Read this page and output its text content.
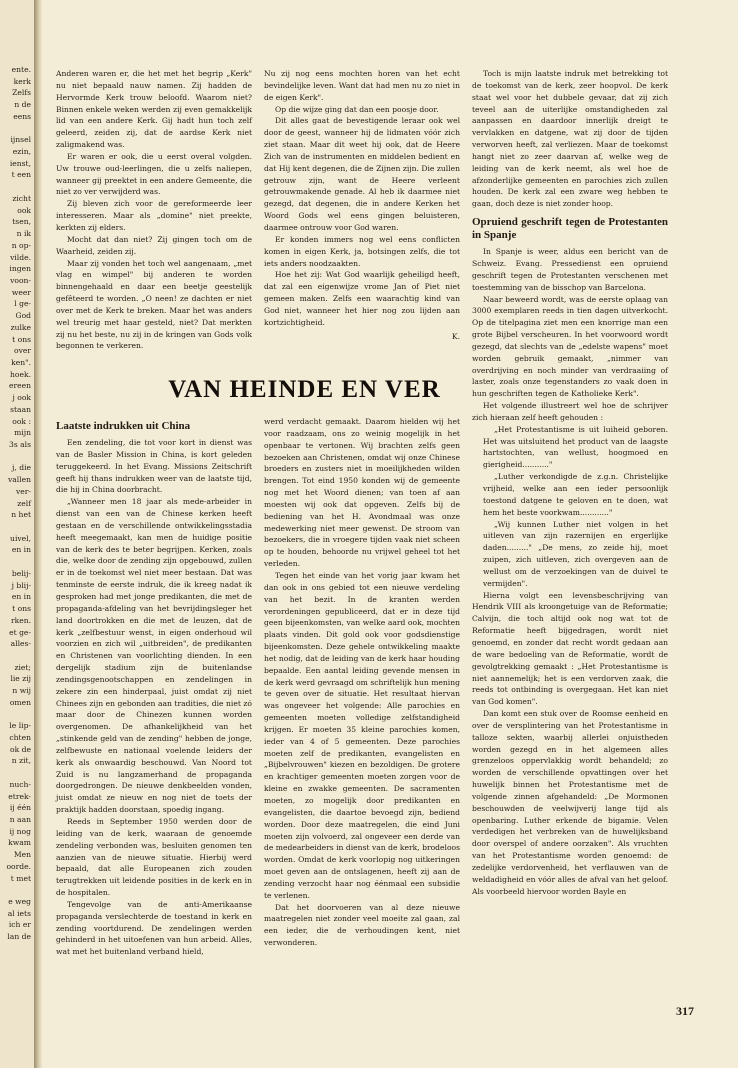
ente.
kerk
Zelfs
n de
eens

ijnsel
ezin,
ienst,
t een

zicht
ook
tsen,
n ik
n op-
vilde.
ingen
voon-
weer
l ge-
God
zulke
t ons
over
ken".
hoek.
ereen
j ook
staan
ook :
mijn
3s als

j, die
vallen
ver-
zelf
n het

uivel,
en in

belij-
j blij-
en in
t ons
rken.
et ge-
alles-

ziet;
lie zij
n wij
omen

le lip-
chten
ok de
n zit,

nuch-
etrek-
ij één
n aan
ij nog
kwam
Men
oorde.
t met

e weg
al iets
ich er
lan de

Anderen waren er, die het met het begrip „Kerk" nu niet bepaald nauw namen. Zij hadden de Hervormde Kerk trouw beloofd. Waarom niet? Binnen enkele weken werden zij even gemakkelijk lid van een andere Kerk. Gij hadt hun toch zelf geleerd, zeiden zij, dat de aardse Kerk niet zaligmakend was.

Er waren er ook, die u eerst overal volgden. Uw trouwe oud-leerlingen, die u zelfs naliepen, wanneer gij preektet in een andere Gemeente, die niet zo ver verwijderd was.

Zij bleven zich voor de gereformeerde leer interesseren. Maar als „domine" niet preekte, kerkten zij elders.

Mocht dat dan niet? Zij gingen toch om de Waarheid, zeiden zij.

Maar zij vonden het toch wel aangenaam, „met vlag en wimpel" bij anderen te worden binnengehaald en daar een beetje geestelijk gefêteerd te worden. „O neen! ze dachten er niet over met de Kerk te breken. Maar het was anders wel treurig met haar gesteld, niet? Dat merkten zij nu het beste, nu zij in de kringen van Gods volk begonnen te verkeren.

Nu zij nog eens mochten horen van het echt bevindelijke leven. Want dat had men nu zo niet in de eigen Kerk".

Op die wijze ging dat dan een poosje door.

Dit alles gaat de bevestigende leraar ook wel door de geest, wanneer hij de lidmaten vóór zich ziet staan. Maar dit weet hij ook, dat de Heere Zich van de instrumenten en middelen bedient en dat Hij kent degenen, die de Zijnen zijn. Die zullen getrouw zijn, want de Heere verleent getrouwmakende genade. Al heb ik daarmee niet gezegd, dat degenen, die in andere Kerken het Woord Gods wel eens gingen beluisteren, daarmee ontrouw voor God waren.

Er konden immers nog wel eens conflicten komen in eigen Kerk, ja, botsingen zelfs, die tot iets anders noodzaakten.

Hoe het zij: Wat God waarlijk geheiligd heeft, dat zal een eigenwijze vrome Jan of Piet niet gemeen maken. Zelfs een waarachtig kind van God niet, wanneer het hier nog zou lijden aan kortzichtigheid.

K.

Toch is mijn laatste indruk met betrekking tot de toekomst van de kerk, zeer hoopvol. De kerk staat wel voor het dubbele gevaar, dat zij zich teveel aan de uiterlijke omstandigheden zal aanpassen en daardoor innerlijk dreigt te vervlakken en datgene, wat zij door de tijden verworven heeft, zal verliezen. Maar de toekomst hangt niet zo zeer daarvan af, welke weg de leiding van de kerk neemt, als wel hoe de afzonderlijke gemeenten en parochies zich zullen houden. De kerk zal een zware weg hebben te gaan, doch deze is niet zonder hoop.

Opruiend geschrift tegen de Protestanten in Spanje

In Spanje is weer, aldus een bericht van de Schweiz. Evang. Pressedienst een opruiend geschrift tegen de Protestanten verschenen met toestemming van de bisschop van Barcelona.

Naar beweerd wordt, was de eerste oplaag van 3000 exemplaren reeds in tien dagen uitverkocht. Op de titelpagina ziet men een knorrige man een grote Bijbel verscheuren. In het voorwoord wordt gezegd, dat slechts van de „edelste wapens" moet worden gebruik gemaakt, „nimmer van overdrijving en noch minder van verdraaiing of laster, zoals onze tegenstanders zo vaak doen in hun geschriften tegen de Katholieke Kerk".

Het volgende illustreert wel hoe de schrijver zich hieraan zelf heeft gehouden :

„Het Protestantisme is uit luiheid geboren. Het was uitsluitend het product van de laagste hartstochten, van wellust, hoogmoed en gierigheid..........."

„Luther verkondigde de z.g.n. Christelijke vrijheid, welke aan een ieder persoonlijk toestond datgene te geloven en te doen, wat hem het beste voorkwam............"

„Wij kunnen Luther niet volgen in het uitleven van zijn razernijen en ergerlijke daden........." „De mens, zo zeide hij, moet zuipen, zich uitleven, zich overgeven aan de wellust om de verzoekingen van de duivel te vermijden".

Hierna volgt een levensbeschrijving van Hendrik VIII als kroongetuige van de Reformatie; Calvijn, die toch altijd ook nog wat tot de Reformatie heeft bijgedragen, wordt niet genoemd, en zonder dat recht wordt gedaan aan de ware bedoeling van de Reformatie, wordt de gevolgtrekking gemaakt : „Het Protestantisme is niet aannemelijk; het is een verdorven zaak, die reeds tot ontbinding is overgegaan. Het kan niet van God komen".

Dan komt een stuk over de Roomse eenheid en over de versplintering van het Protestantisme in talloze sekten, waarbij allerlei onjuistheden worden gezegd en in het algemeen alles grenzeloos oppervlakkig wordt behandeld; zo worden de verschillende opvattingen over het huwelijk binnen het Protestantisme met de volgende zinnen afgehandeld: „De Mormonen beschouwden de veelwijverij lange tijd als openbaring. Luther erkende de bigamie. Velen verdedigen het verbreken van de huwelijksband door overspel of andere oorzaken". Als vruchten van het Protestantisme worden genoemd: de zedelijke verdorvenheid, het verflauwen van de weldadigheid en vóór alles de afval van het geloof. Als voorbeeld hiervoor worden Bayle en

Laatste indrukken uit China

Een zendeling, die tot voor kort in dienst was van de Basler Mission in China, is kort geleden teruggekeerd. In het Evang. Missions Zeitschrift geeft hij thans indrukken weer van de laatste tijd, die hij in China doorbracht.

„Wanneer men 18 jaar als mede-arbeider in dienst van een van de Chinese kerken heeft gestaan en de verschillende ontwikkelingsstadia heeft meegemaakt, kan men de huidige positie van de kerk des te beter begrijpen. Kerken, zoals die, welke door de zending zijn opgebouwd, zullen er in de toekomst wel niet meer bestaan. Dat was tenminste de eerste indruk, die ik kreeg nadat ik gesproken had met jonge predikanten, die met de propaganda-afdeling van het bevrijdingsleger het land doortrokken en die met de leuzen, dat de kerk „zelfbestuur wenst, in eigen onderhoud wil voorzien en zich wil „uitbreiden", de predikanten en Christenen van voorlichting dienden. In een dergelijk stadium zijn de buitenlandse zendingsgenootschappen en zendelingen in zekere zin een hinderpaal, juist omdat zij niet Chinees zijn en gebonden aan tradities, die niet zó maar door de Chinezen kunnen worden overgenomen. De afhankelijkheid van het „stinkende geld van de zending" hebben de jonge, zelfbewuste en nationaal voelende leiders der kerk als onwaardig beschouwd. Van Noord tot Zuid is nu langzamerhand de propaganda doorgedrongen. De nieuwe denkbeelden vonden, juist omdat ze nieuw en nog niet de toets der praktijk hadden doorstaan, spoedig ingang.

Reeds in September 1950 werden door de leiding van de kerk, waaraan de genoemde zendeling verbonden was, besluiten genomen ten aanzien van de nieuwe situatie. Hierbij werd bepaald, dat alle Europeanen zich zouden terugtrekken uit leidende posities in de kerk en in de hospitalen.

Tengevolge van de anti-Amerikaanse propaganda verslechterde de toestand in kerk en zending voortdurend. De zendelingen werden gehinderd in het uitoefenen van hun arbeid. Alles, wat met het buitenland verband hield,

werd verdacht gemaakt. Daarom hielden wij het voor raadzaam, ons zo weinig mogelijk in het openbaar te vertonen. Wij brachten zelfs geen bezoeken aan Christenen, omdat wij onze Chinese broeders en zusters niet in moeilijkheden wilden brengen. Tot eind 1950 konden wij de gemeente nog met het Woord dienen; van toen af aan moesten wij ook dat opgeven. Zelfs bij de bediening van het H. Avondmaal was onze medewerking niet meer gewenst. De stroom van bezoekers, die in vroegere tijden vaak niet scheen op te houden, behoorde nu vrijwel geheel tot het verleden.

Tegen het einde van het vorig jaar kwam het dan ook in ons gebied tot een nieuwe verdeling van het bezit. In de kranten werden verordeningen gepubliceerd, dat er in deze tijd geen bijeenkomsten, van welke aard ook, mochten plaats vinden. Dit gold ook voor godsdienstige bijeenkomsten. Deze gehele ontwikkeling maakte het nodig, dat de leiding van de kerk haar houding bepaalde. Een aantal leiding gevende mensen in de kerk werd gevraagd om schriftelijk hun mening te geven over de situatie. Het resultaat hiervan was ongeveer het volgende: Alle parochies en gemeenten moeten volledige zelfstandigheid krijgen. Er moeten 35 kleine parochies komen, ieder van 4 of 5 gemeenten. Deze parochies moeten zelf de predikanten, evangelisten en „Bijbelvrouwen" kiezen en bezoldigen. De grotere en krachtiger gemeenten moeten zorgen voor de kleine en zwakke gemeenten. De sacramenten moeten, zo mogelijk door predikanten en evangelisten, die daartoe bevoegd zijn, bediend worden. Door deze maatregelen, die eind Juni moeten zijn volvoerd, zal ongeveer een derde van de medearbeiders in dienst van de kerk, brodeloos worden. Omdat de kerk voorlopig nog uitkeringen moet geven aan de ontslagenen, heeft zij aan de zending verzocht haar nog éénmaal een subsidie te verlenen.

Dat het doorvoeren van al deze nieuwe maatregelen niet zonder veel moeite zal gaan, zal een ieder, die de verhoudingen kent, niet verwonderen.

VAN HEINDE EN VER
317
